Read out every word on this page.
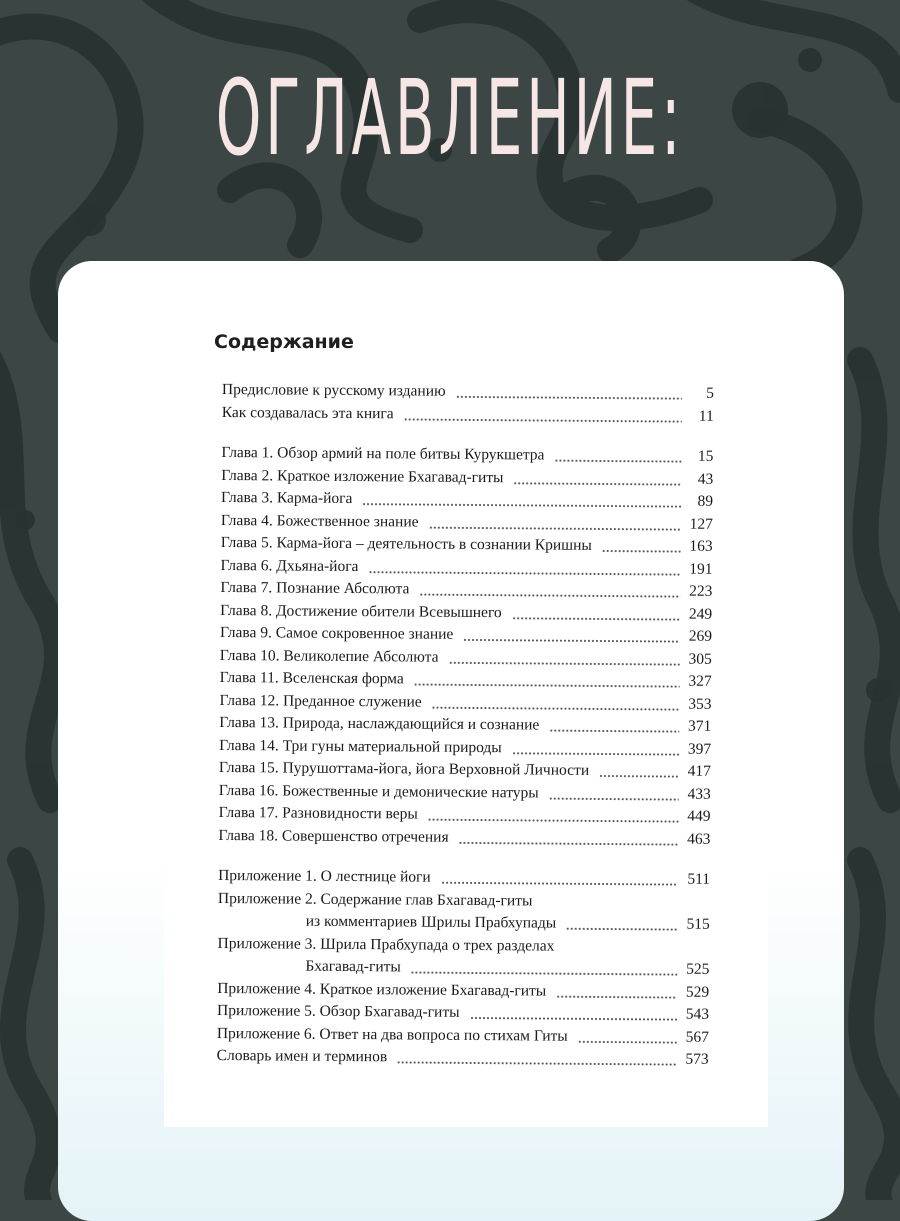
ОГЛАВЛЕНИЕ:
Содержание
Предисловие к русскому изданию	5
Как создавалась эта книга	11
Глава 1. Обзор армий на поле битвы Курукшетра	15
Глава 2. Краткое изложение Бхагавад-гиты	43
Глава 3. Карма-йога	89
Глава 4. Божественное знание	127
Глава 5. Карма-йога – деятельность в сознании Кришны	163
Глава 6. Дхьяна-йога	191
Глава 7. Познание Абсолюта	223
Глава 8. Достижение обители Всевышнего	249
Глава 9. Самое сокровенное знание	269
Глава 10. Великолепие Абсолюта	305
Глава 11. Вселенская форма	327
Глава 12. Преданное служение	353
Глава 13. Природа, наслаждающийся и сознание	371
Глава 14. Три гуны материальной природы	397
Глава 15. Пурушоттама-йога, йога Верховной Личности	417
Глава 16. Божественные и демонические натуры	433
Глава 17. Разновидности веры	449
Глава 18. Совершенство отречения	463
Приложение 1. О лестнице йоги	511
Приложение 2. Содержание глав Бхагавад-гиты
из комментариев Шрилы Прабхупады	515
Приложение 3. Шрила Прабхупада о трех разделах
Бхагавад-гиты	525
Приложение 4. Краткое изложение Бхагавад-гиты	529
Приложение 5. Обзор Бхагавад-гиты	543
Приложение 6. Ответ на два вопроса по стихам Гиты	567
Словарь имен и терминов	573
